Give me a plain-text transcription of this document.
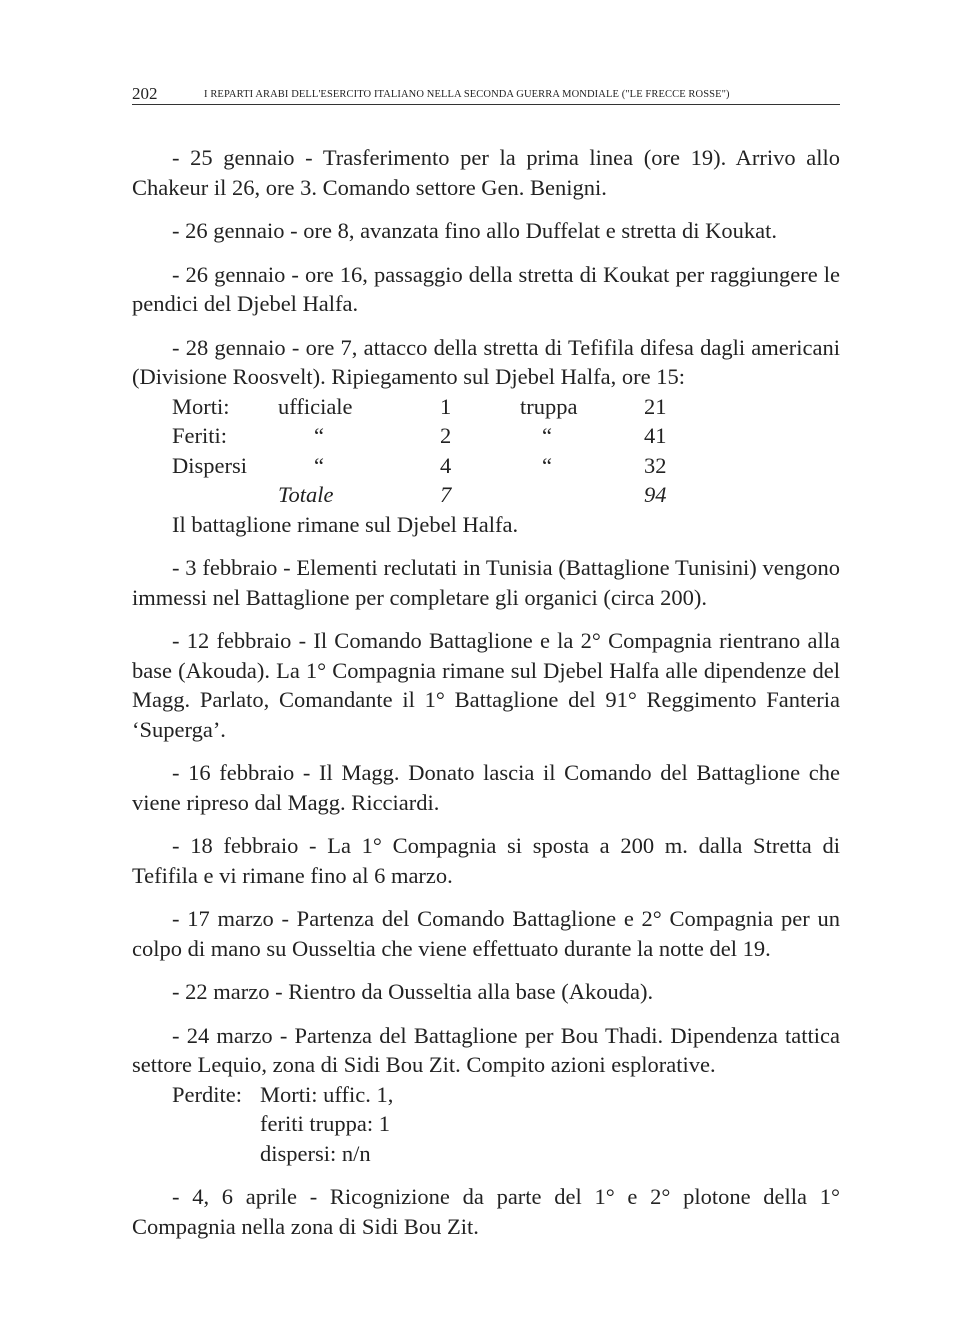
202	I REPARTI ARABI DELL'ESERCITO ITALIANO NELLA SECONDA GUERRA MONDIALE ("LE FRECCE ROSSE")

- 25 gennaio - Trasferimento per la prima linea (ore 19). Arrivo allo Chakeur il 26, ore 3. Comando settore Gen. Benigni.

- 26 gennaio - ore 8, avanzata fino allo Duffelat e stretta di Koukat.

- 26 gennaio - ore 16, passaggio della stretta di Koukat per raggiungere le pendici del Djebel Halfa.

- 28 gennaio - ore 7, attacco della stretta di Tefifila difesa dagli americani (Divisione Roosvelt). Ripiegamento sul Djebel Halfa, ore 15:

Morti:	ufficiale	1	truppa	21
Feriti:	“	2	“	41
Dispersi	“	4	“	32
	Totale	7		94
Il battaglione rimane sul Djebel Halfa.

- 3 febbraio - Elementi reclutati in Tunisia (Battaglione Tunisini) vengono immessi nel Battaglione per completare gli organici (circa 200).

- 12 febbraio - Il Comando Battaglione e la 2° Compagnia rientrano alla base (Akouda). La 1° Compagnia rimane sul Djebel Halfa alle dipendenze del Magg. Parlato, Comandante il 1° Battaglione del 91° Reggimento Fanteria ‘Superga’.

- 16 febbraio - Il Magg. Donato lascia il Comando del Battaglione che viene ripreso dal Magg. Ricciardi.

- 18 febbraio - La 1° Compagnia si sposta a 200 m. dalla Stretta di Tefifila e vi rimane fino al 6 marzo.

- 17 marzo - Partenza del Comando Battaglione e 2° Compagnia per un colpo di mano su Ousseltia che viene effettuato durante la notte del 19.

- 22 marzo - Rientro da Ousseltia alla base (Akouda).

- 24 marzo - Partenza del Battaglione per Bou Thadi. Dipendenza tattica settore Lequio, zona di Sidi Bou Zit. Compito azioni esplorative.

Perdite: Morti: uffic. 1,
feriti truppa: 1
dispersi: n/n

- 4, 6 aprile - Ricognizione da parte del 1° e 2° plotone della 1° Compagnia nella zona di Sidi Bou Zit.
